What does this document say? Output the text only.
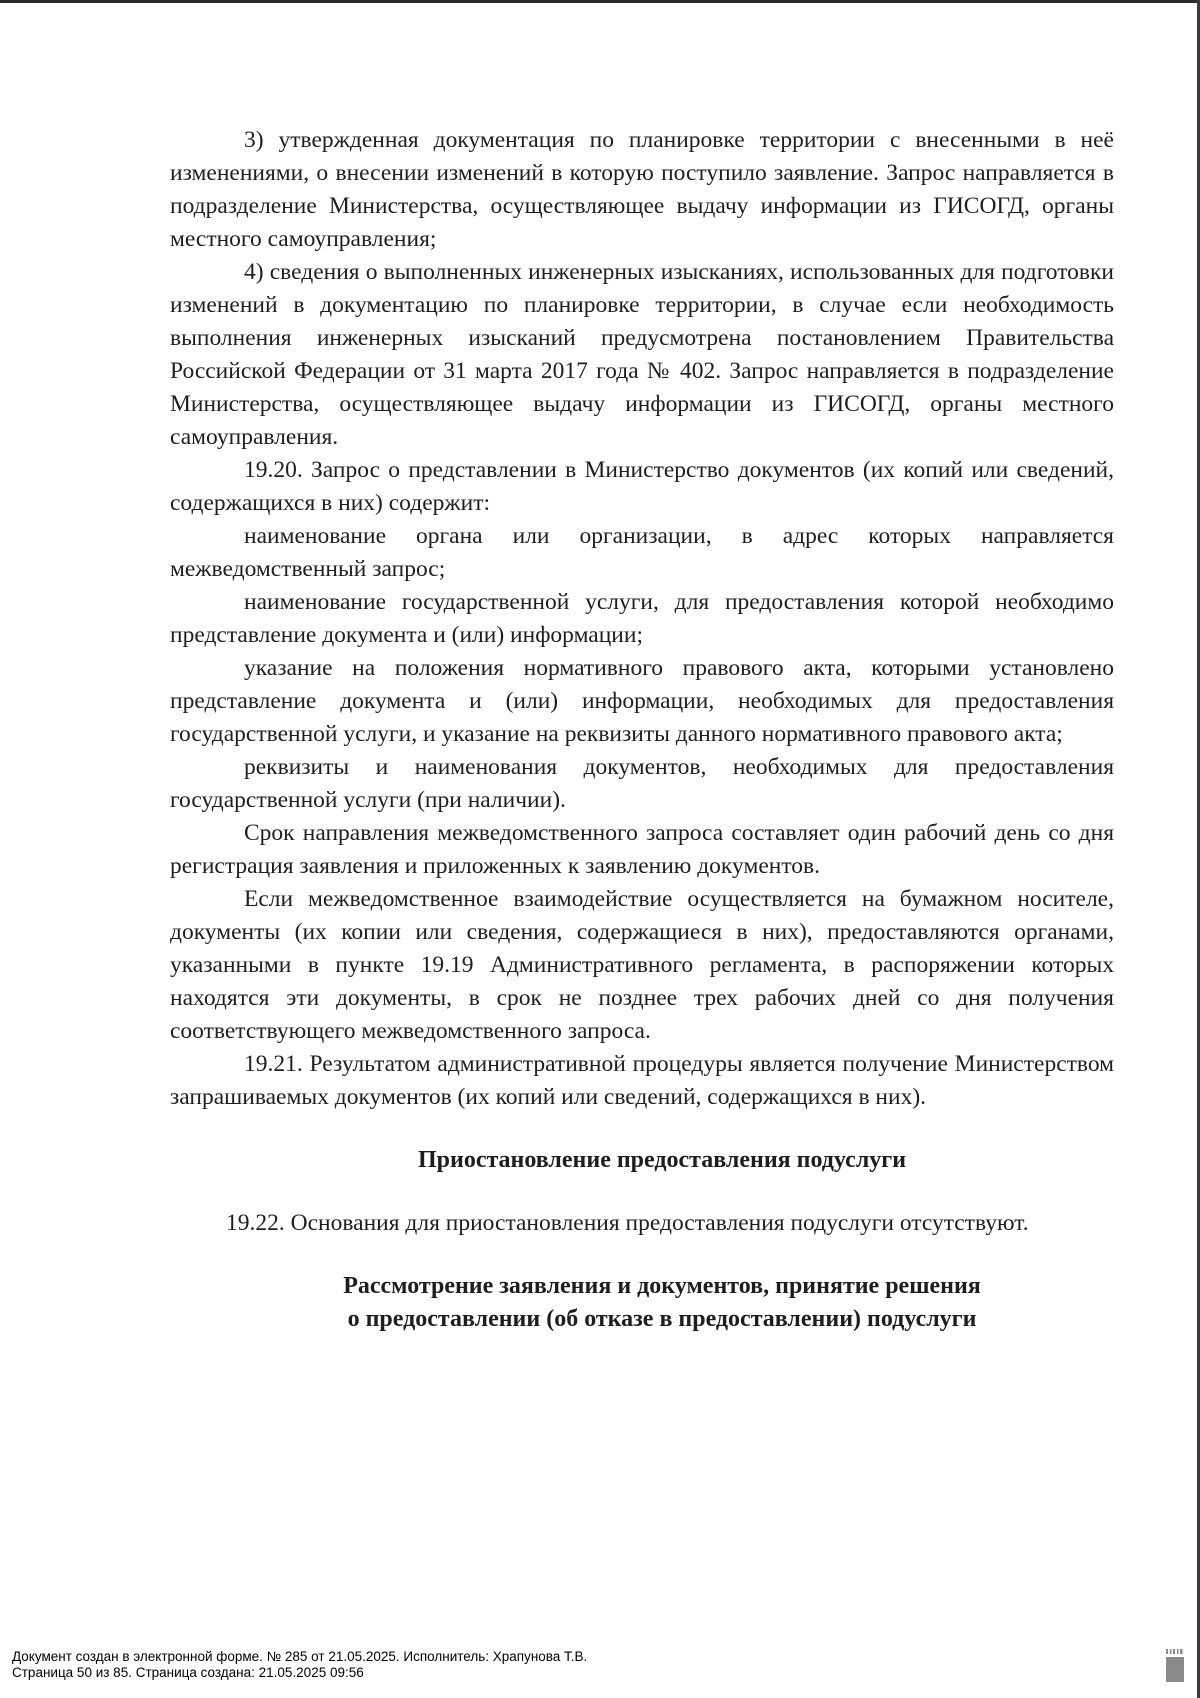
3) утвержденная документация по планировке территории с внесенными в неё изменениями, о внесении изменений в которую поступило заявление. Запрос направляется в подразделение Министерства, осуществляющее выдачу информации из ГИСОГД, органы местного самоуправления;

4) сведения о выполненных инженерных изысканиях, использованных для подготовки изменений в документацию по планировке территории, в случае если необходимость выполнения инженерных изысканий предусмотрена постановлением Правительства Российской Федерации от 31 марта 2017 года № 402. Запрос направляется в подразделение Министерства, осуществляющее выдачу информации из ГИСОГД, органы местного самоуправления.

19.20. Запрос о представлении в Министерство документов (их копий или сведений, содержащихся в них) содержит:

наименование органа или организации, в адрес которых направляется межведомственный запрос;

наименование государственной услуги, для предоставления которой необходимо представление документа и (или) информации;

указание на положения нормативного правового акта, которыми установлено представление документа и (или) информации, необходимых для предоставления государственной услуги, и указание на реквизиты данного нормативного правового акта;

реквизиты и наименования документов, необходимых для предоставления государственной услуги (при наличии).

Срок направления межведомственного запроса составляет один рабочий день со дня регистрация заявления и приложенных к заявлению документов.

Если межведомственное взаимодействие осуществляется на бумажном носителе, документы (их копии или сведения, содержащиеся в них), предоставляются органами, указанными в пункте 19.19 Административного регламента, в распоряжении которых находятся эти документы, в срок не позднее трех рабочих дней со дня получения соответствующего межведомственного запроса.

19.21. Результатом административной процедуры является получение Министерством запрашиваемых документов (их копий или сведений, содержащихся в них).

Приостановление предоставления подуслуги

19.22. Основания для приостановления предоставления подуслуги отсутствуют.

Рассмотрение заявления и документов, принятие решения
о предоставлении (об отказе в предоставлении) подуслуги
Документ создан в электронной форме. № 285 от 21.05.2025. Исполнитель: Храпунова Т.В.
Страница 50 из 85. Страница создана: 21.05.2025 09:56
